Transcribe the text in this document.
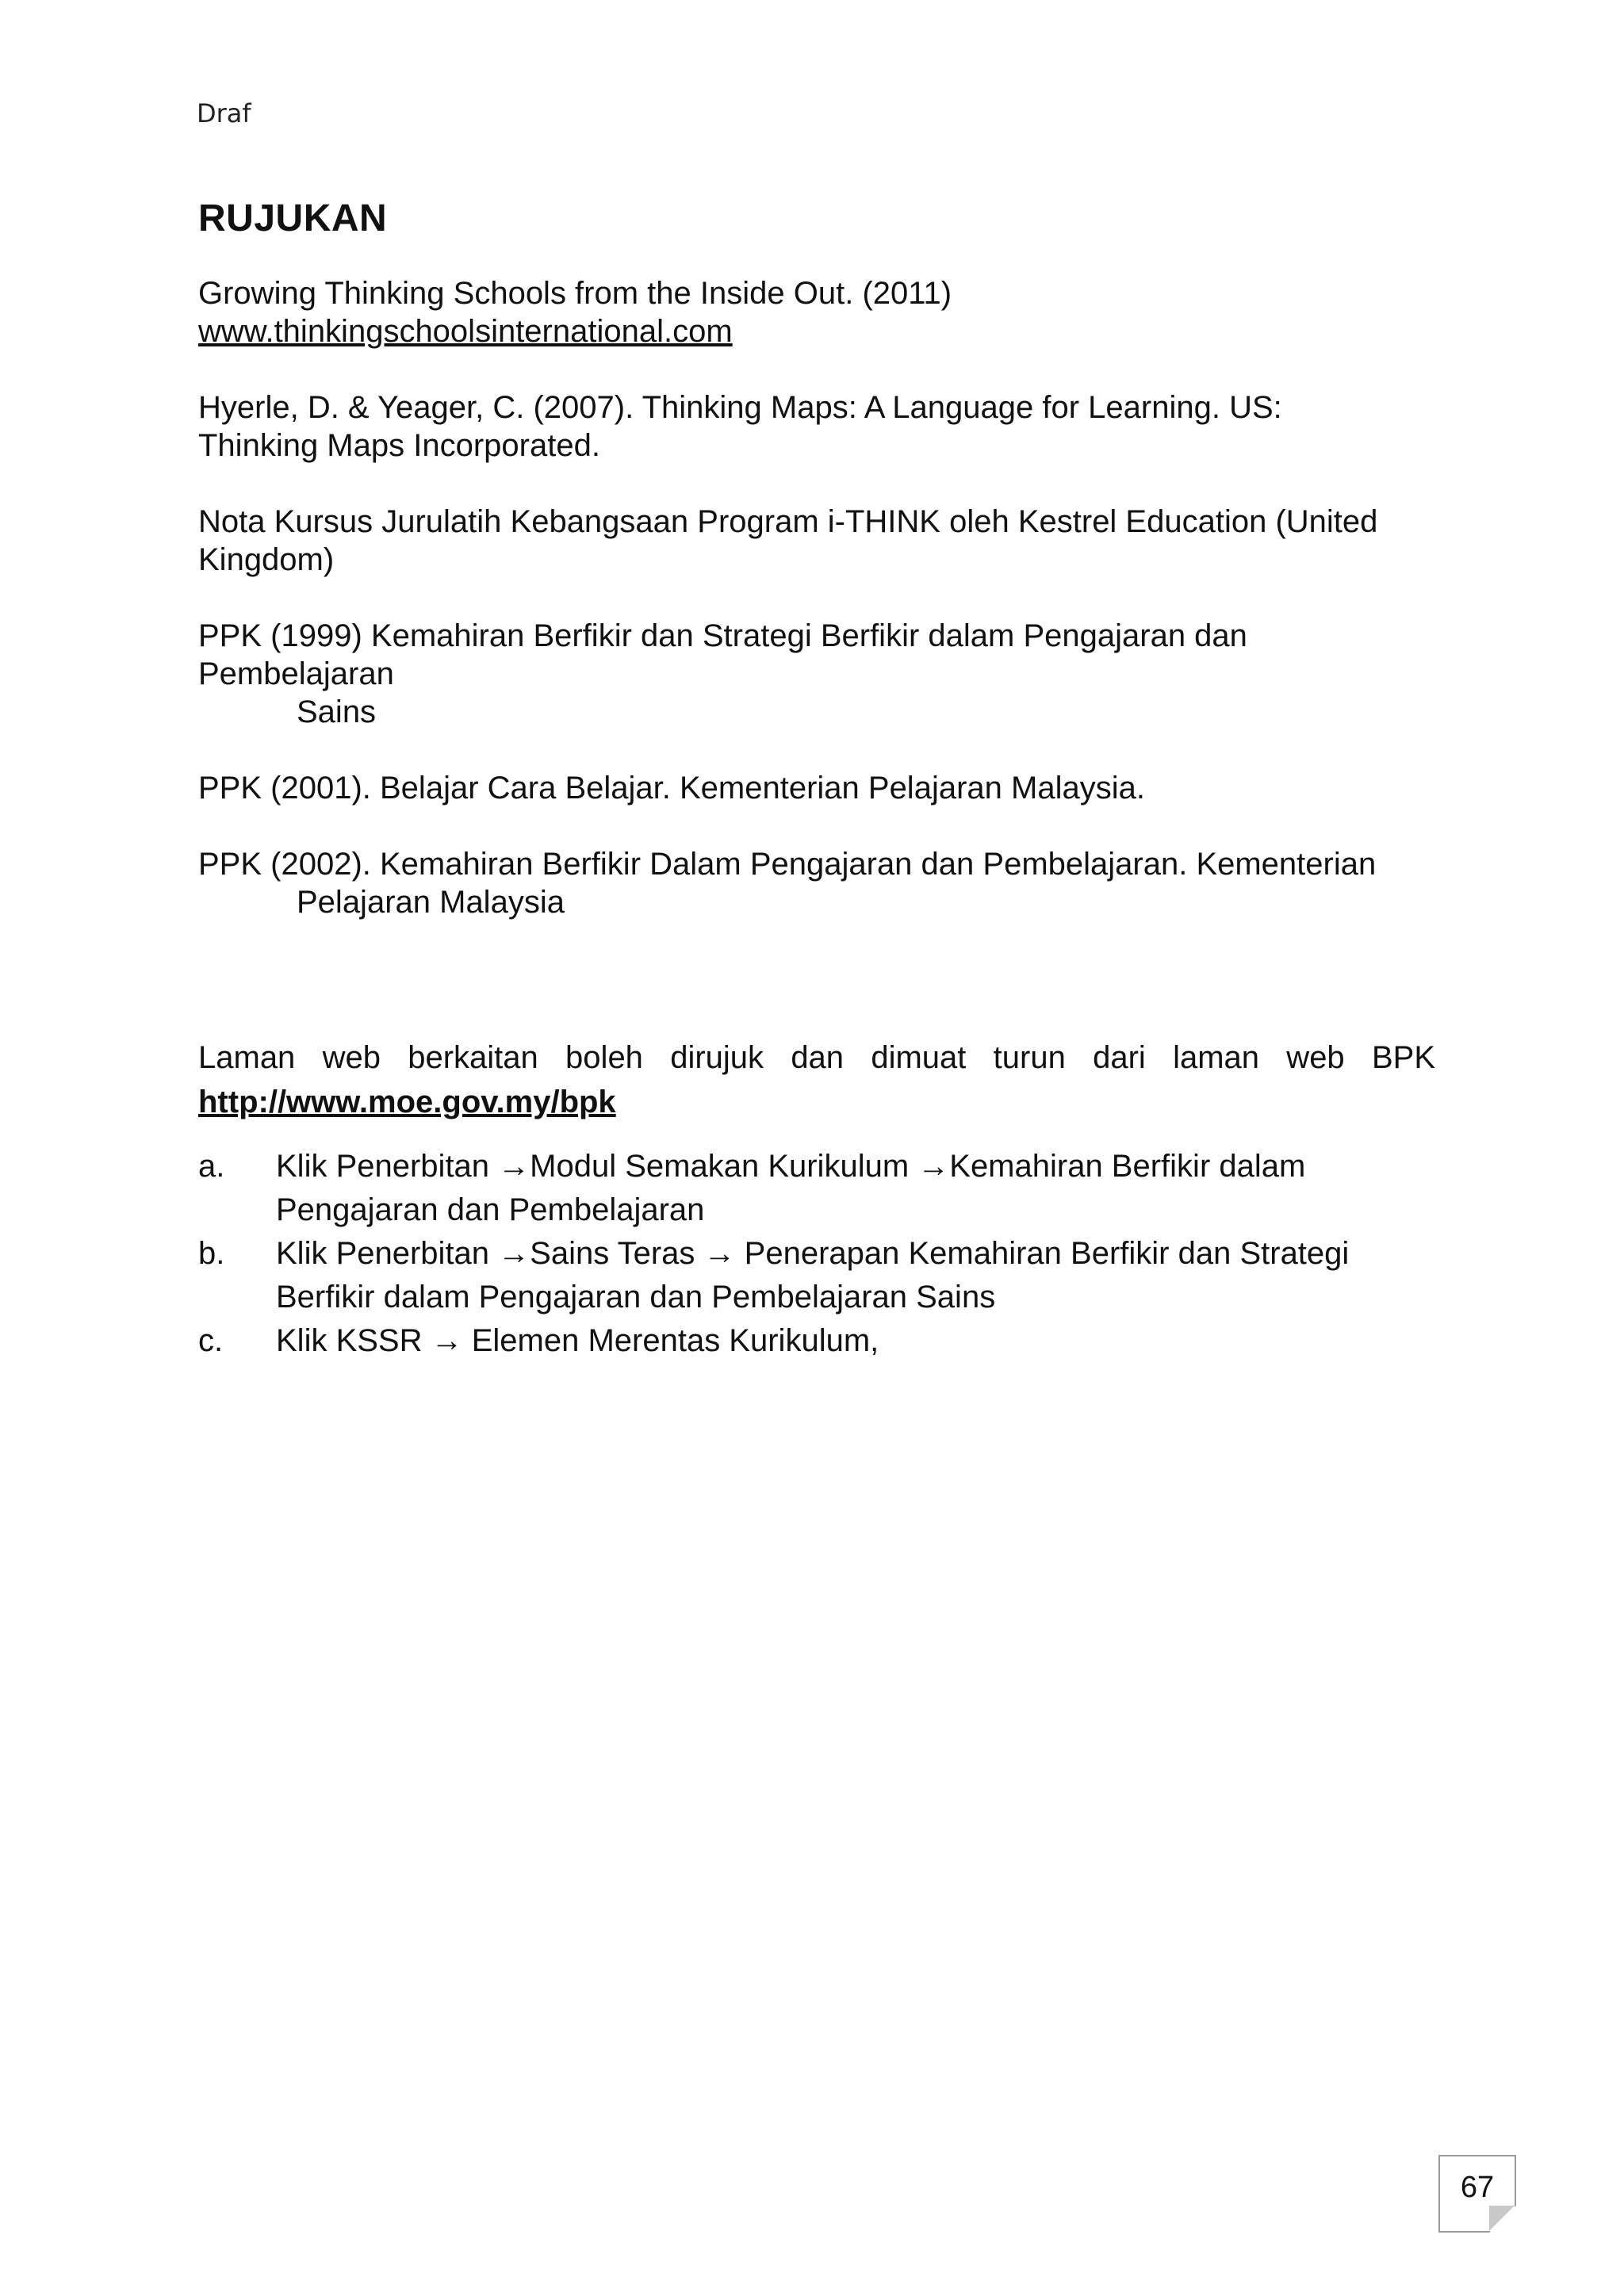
Draf
RUJUKAN
Growing Thinking Schools from the Inside Out. (2011)
www.thinkingschoolsinternational.com
Hyerle, D. & Yeager, C. (2007). Thinking Maps: A Language for Learning. US:
Thinking Maps Incorporated.
Nota Kursus Jurulatih Kebangsaan Program i-THINK oleh Kestrel Education (United
Kingdom)
PPK (1999) Kemahiran Berfikir dan Strategi Berfikir dalam Pengajaran dan
Pembelajaran
Sains
PPK (2001). Belajar Cara Belajar. Kementerian Pelajaran Malaysia.
PPK (2002). Kemahiran Berfikir Dalam Pengajaran dan Pembelajaran. Kementerian
Pelajaran Malaysia
Laman web berkaitan boleh dirujuk dan dimuat turun dari laman web BPK
http://www.moe.gov.my/bpk
a. Klik Penerbitan →Modul Semakan Kurikulum →Kemahiran Berfikir dalam
Pengajaran dan Pembelajaran
b. Klik Penerbitan →Sains Teras → Penerapan Kemahiran Berfikir dan Strategi
Berfikir dalam Pengajaran dan Pembelajaran Sains
c. Klik KSSR → Elemen Merentas Kurikulum,
67
